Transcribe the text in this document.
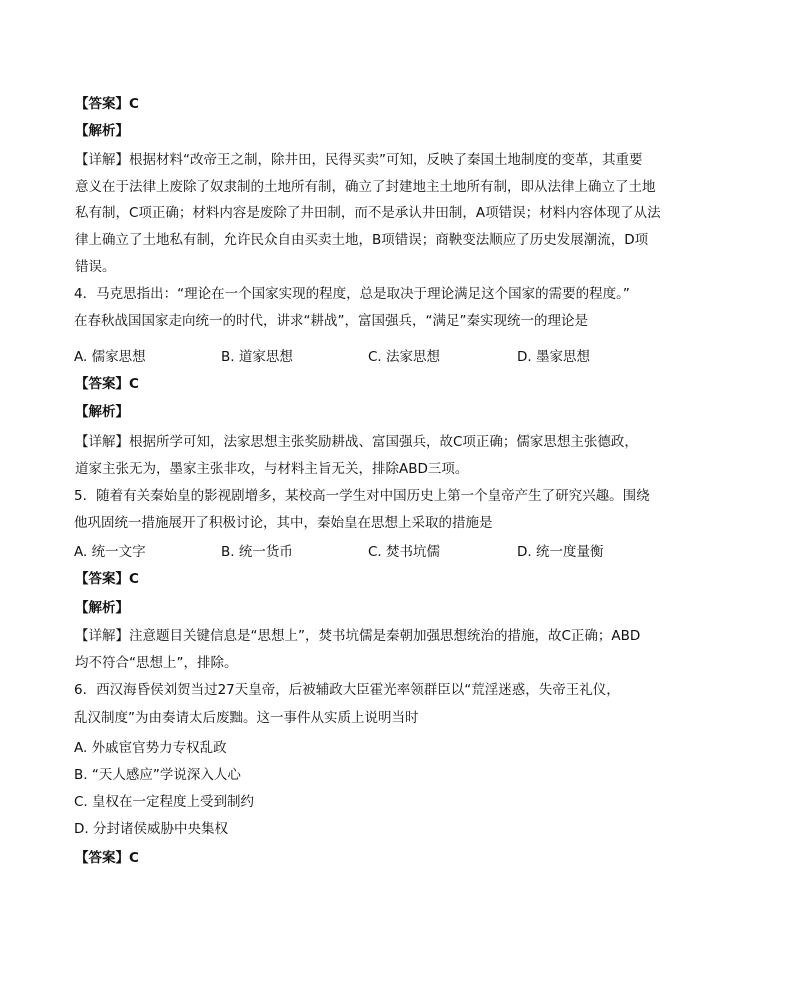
【答案】C
【解析】
【详解】根据材料“改帝王之制，除井田，民得买卖”可知，反映了秦国土地制度的变革，其重要
意义在于法律上废除了奴隶制的土地所有制，确立了封建地主土地所有制，即从法律上确立了土地
私有制，C项正确；材料内容是废除了井田制，而不是承认井田制，A项错误；材料内容体现了从法
律上确立了土地私有制，允许民众自由买卖土地，B项错误；商鞅变法顺应了历史发展潮流，D项
错误。
4．马克思指出：“理论在一个国家实现的程度，总是取决于理论满足这个国家的需要的程度。”
在春秋战国国家走向统一的时代，讲求“耕战”，富国强兵，“满足”秦实现统一的理论是
A. 儒家思想	B. 道家思想	C. 法家思想	D. 墨家思想
【答案】C
【解析】
【详解】根据所学可知，法家思想主张奖励耕战、富国强兵，故C项正确；儒家思想主张德政，
道家主张无为，墨家主张非攻，与材料主旨无关，排除ABD三项。
5．随着有关秦始皇的影视剧增多，某校高一学生对中国历史上第一个皇帝产生了研究兴趣。围绕
他巩固统一措施展开了积极讨论，其中，秦始皇在思想上采取的措施是
A. 统一文字	B. 统一货币	C. 焚书坑儒	D. 统一度量衡
【答案】C
【解析】
【详解】注意题目关键信息是“思想上”，焚书坑儒是秦朝加强思想统治的措施，故C正确；ABD
均不符合“思想上”，排除。
6．西汉海昏侯刘贺当过27天皇帝，后被辅政大臣霍光率领群臣以“荒淫迷惑，失帝王礼仪，
乱汉制度”为由奏请太后废黜。这一事件从实质上说明当时
A. 外戚宦官势力专权乱政
B. “天人感应”学说深入人心
C. 皇权在一定程度上受到制约
D. 分封诸侯威胁中央集权
【答案】C
